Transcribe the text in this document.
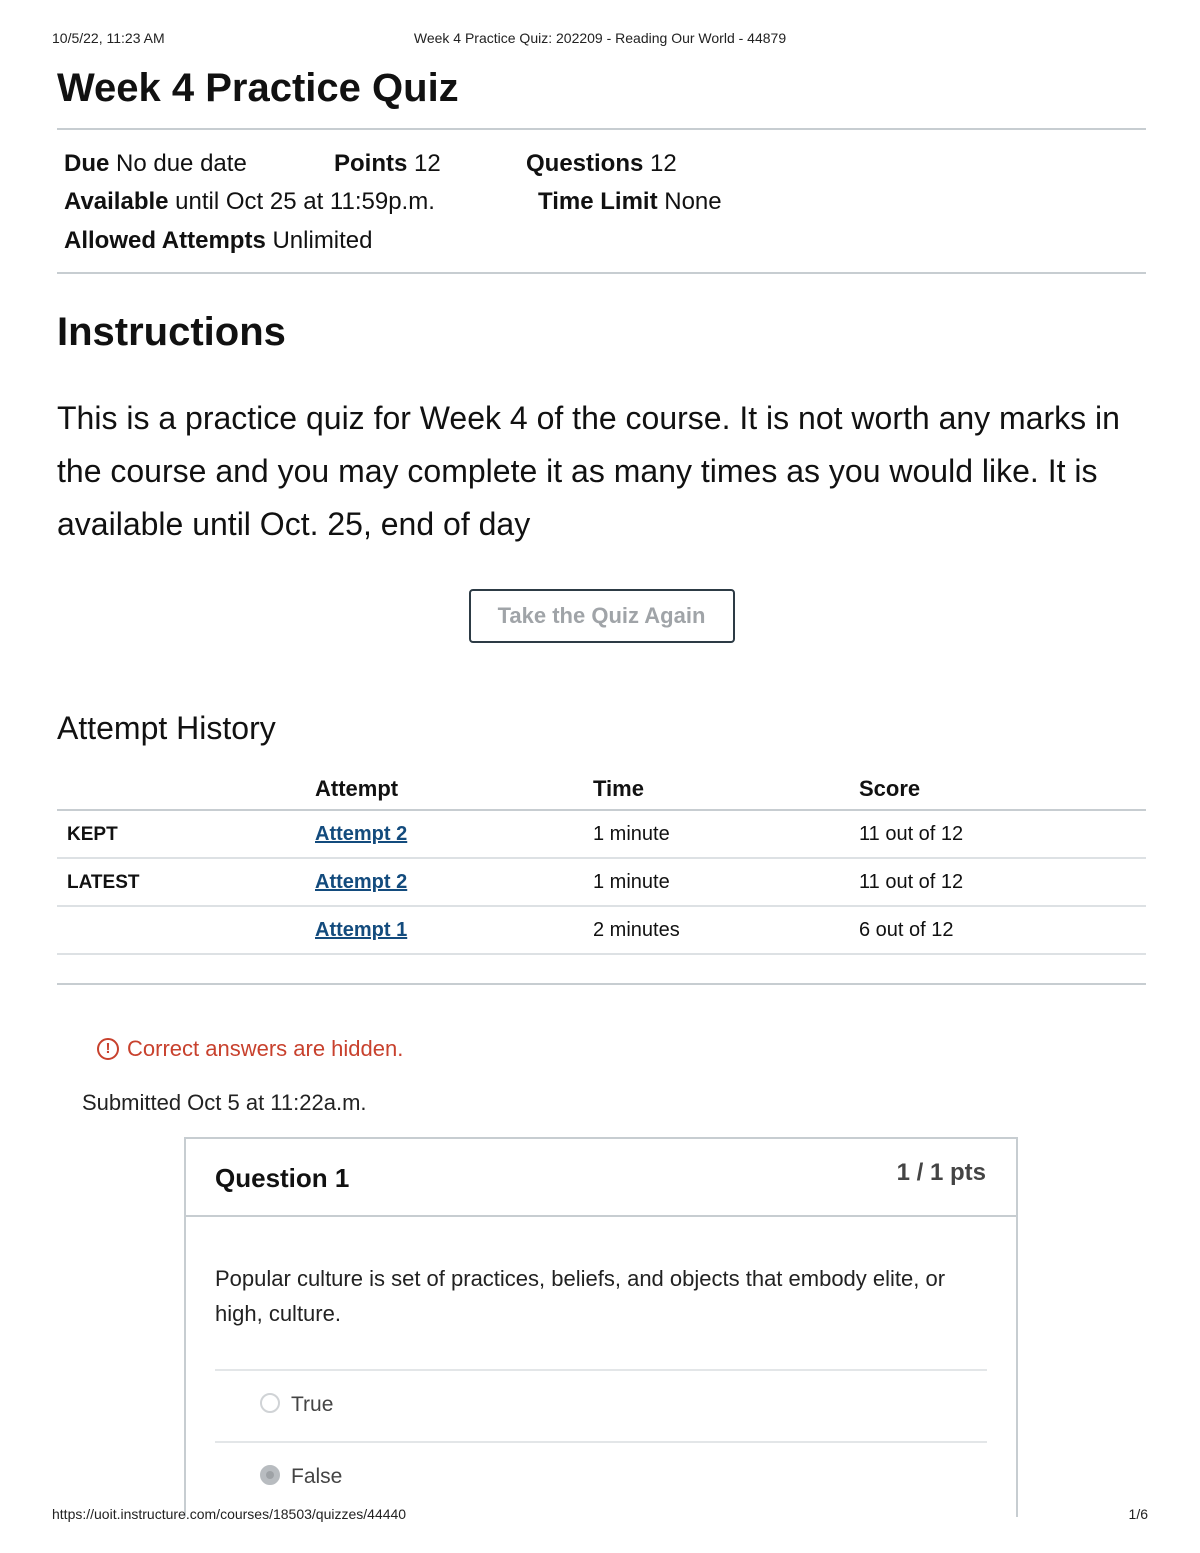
10/5/22, 11:23 AM	Week 4 Practice Quiz: 202209 - Reading Our World - 44879
Week 4 Practice Quiz
Due No due date	Points 12	Questions 12
Available until Oct 25 at 11:59p.m.	Time Limit None
Allowed Attempts Unlimited
Instructions
This is a practice quiz for Week 4 of the course. It is not worth any marks in the course and you may complete it as many times as you would like. It is available until Oct. 25, end of day
Take the Quiz Again
Attempt History
	Attempt	Time	Score
KEPT	Attempt 2	1 minute	11 out of 12
LATEST	Attempt 2	1 minute	11 out of 12
	Attempt 1	2 minutes	6 out of 12
! Correct answers are hidden.
Submitted Oct 5 at 11:22a.m.
Question 1	1 / 1 pts
Popular culture is set of practices, beliefs, and objects that embody elite, or high, culture.
True
False
https://uoit.instructure.com/courses/18503/quizzes/44440	1/6
